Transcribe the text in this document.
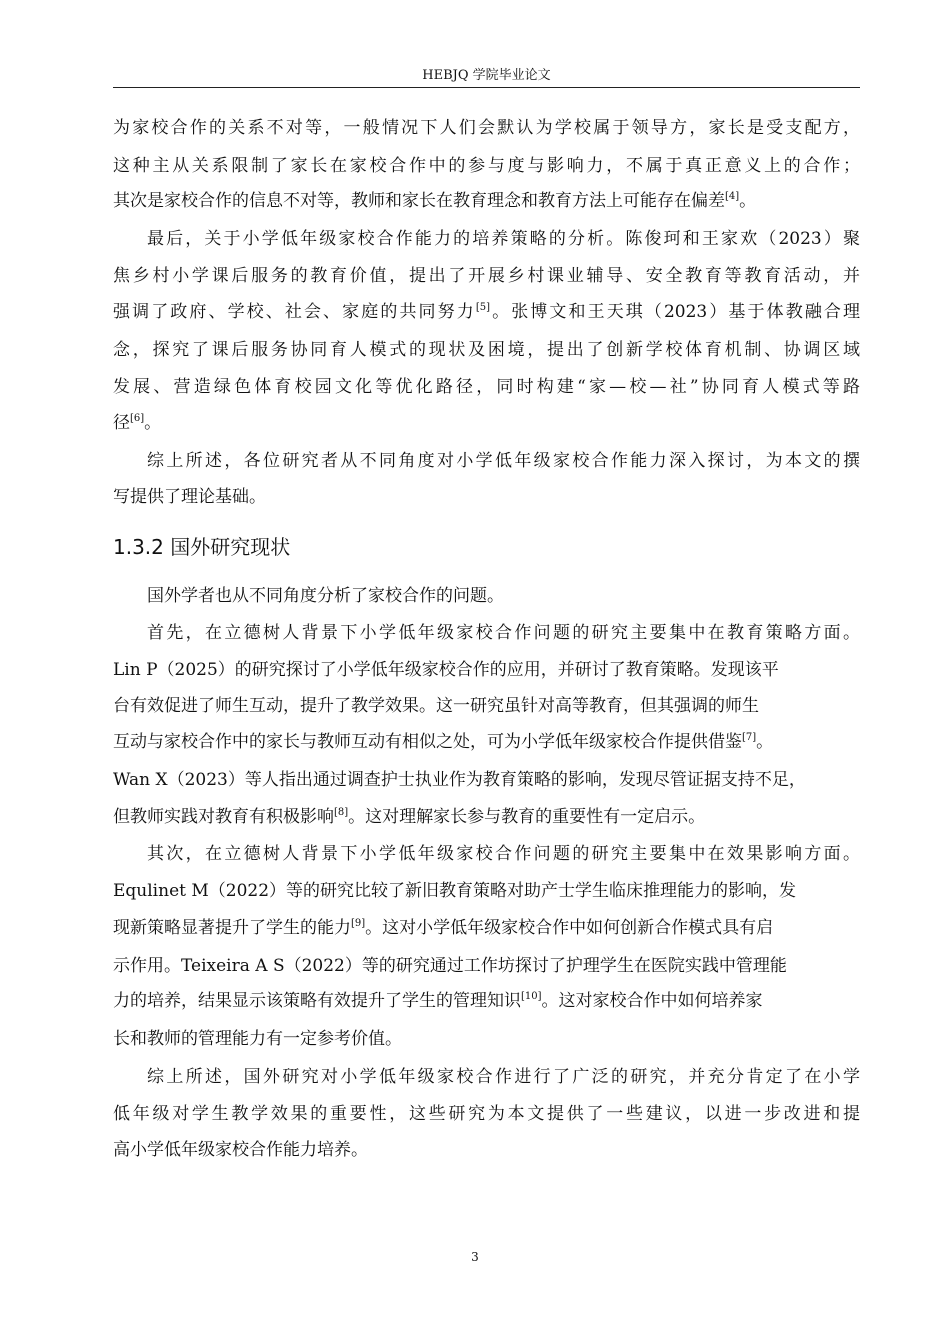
HEBJQ 学院毕业论文
为家校合作的关系不对等，一般情况下人们会默认为学校属于领导方，家长是受支配方，
这种主从关系限制了家长在家校合作中的参与度与影响力，不属于真正意义上的合作；
其次是家校合作的信息不对等，教师和家长在教育理念和教育方法上可能存在偏差[4]。
最后，关于小学低年级家校合作能力的培养策略的分析。陈俊珂和王家欢（2023）聚
焦乡村小学课后服务的教育价值，提出了开展乡村课业辅导、安全教育等教育活动，并
强调了政府、学校、社会、家庭的共同努力[5]。张博文和王天琪（2023）基于体教融合理
念，探究了课后服务协同育人模式的现状及困境，提出了创新学校体育机制、协调区域
发展、营造绿色体育校园文化等优化路径，同时构建“家—校—社”协同育人模式等路
径[6]。
综上所述，各位研究者从不同角度对小学低年级家校合作能力深入探讨，为本文的撰
写提供了理论基础。
1.3.2 国外研究现状
国外学者也从不同角度分析了家校合作的问题。
首先，在立德树人背景下小学低年级家校合作问题的研究主要集中在教育策略方面。
Lin P（2025）的研究探讨了小学低年级家校合作的应用，并研讨了教育策略。发现该平
台有效促进了师生互动，提升了教学效果。这一研究虽针对高等教育，但其强调的师生
互动与家校合作中的家长与教师互动有相似之处，可为小学低年级家校合作提供借鉴[7]。
Wan X（2023）等人指出通过调查护士执业作为教育策略的影响，发现尽管证据支持不足，
但教师实践对教育有积极影响[8]。这对理解家长参与教育的重要性有一定启示。
其次，在立德树人背景下小学低年级家校合作问题的研究主要集中在效果影响方面。
Equlinet M（2022）等的研究比较了新旧教育策略对助产士学生临床推理能力的影响，发
现新策略显著提升了学生的能力[9]。这对小学低年级家校合作中如何创新合作模式具有启
示作用。Teixeira A S（2022）等的研究通过工作坊探讨了护理学生在医院实践中管理能
力的培养，结果显示该策略有效提升了学生的管理知识[10]。这对家校合作中如何培养家
长和教师的管理能力有一定参考价值。
综上所述，国外研究对小学低年级家校合作进行了广泛的研究，并充分肯定了在小学
低年级对学生教学效果的重要性，这些研究为本文提供了一些建议，以进一步改进和提
高小学低年级家校合作能力培养。
3
